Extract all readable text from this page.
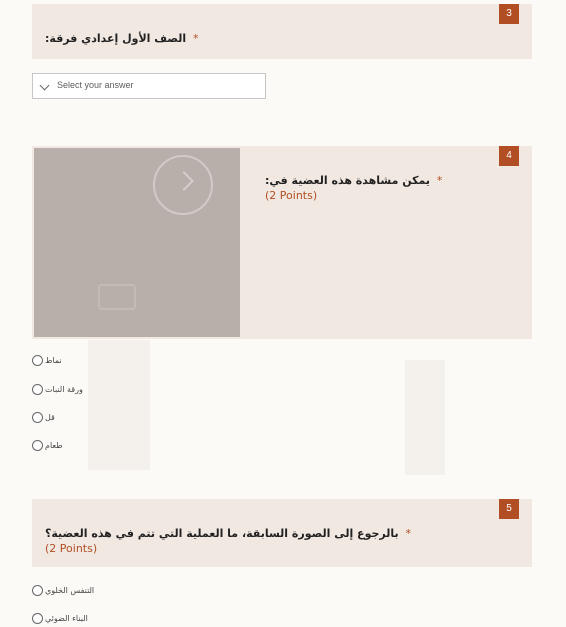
3
* الصف الأول إعدادي فرقة:
Select your answer
4
* يمكن مشاهدة هذه العضية في:
(2 Points)
نماط
ورقة النبات
قل
طعام
5
* بالرجوع إلى الصورة السابقة، ما العملية التي تتم في هذه العضية؟
(2 Points)
التنفس الخلوي
البناء الضوئي
